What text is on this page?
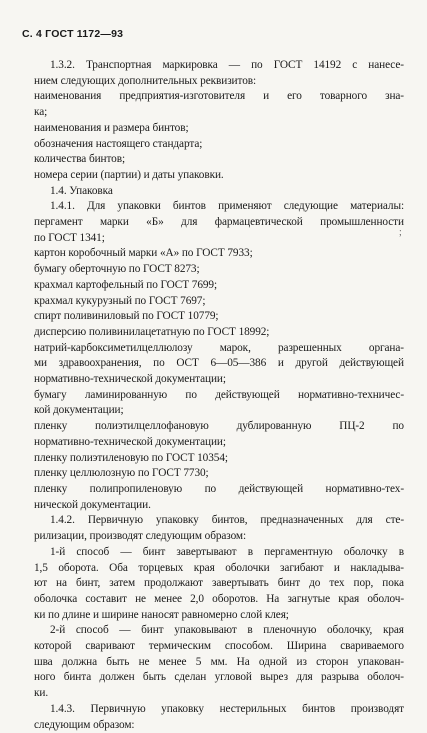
С. 4 ГОСТ 1172—93
1.3.2. Транспортная маркировка — по ГОСТ 14192 с нанесе-
нием следующих дополнительных реквизитов:
наименования предприятия-изготовителя и его товарного зна-
ка;
наименования и размера бинтов;
обозначения настоящего стандарта;
количества бинтов;
номера серии (партии) и даты упаковки.
1.4. Упаковка
1.4.1. Для упаковки бинтов применяют следующие материалы:
пергамент марки «Б» для фармацевтической промышленности
по ГОСТ 1341;
картон коробочный марки «А» по ГОСТ 7933;
бумагу оберточную по ГОСТ 8273;
крахмал картофельный по ГОСТ 7699;
крахмал кукурузный по ГОСТ 7697;
спирт поливиниловый по ГОСТ 10779;
дисперсию поливинилацетатную по ГОСТ 18992;
натрий-карбоксиметилцеллюлозу марок, разрешенных органа-
ми здравоохранения, по ОСТ 6—05—386 и другой действующей
нормативно-технической документации;
бумагу ламинированную по действующей нормативно-техничес-
кой документации;
пленку полиэтилцеллофановую дублированную ПЦ-2 по
нормативно-технической документации;
пленку полиэтиленовую по ГОСТ 10354;
пленку целлюлозную по ГОСТ 7730;
пленку полипропиленовую по действующей нормативно-тех-
нической документации.
1.4.2. Первичную упаковку бинтов, предназначенных для сте-
рилизации, производят следующим образом:
1-й способ — бинт завертывают в пергаментную оболочку в
1,5 оборота. Оба торцевых края оболочки загибают и накладыва-
ют на бинт, затем продолжают завертывать бинт до тех пор, пока
оболочка составит не менее 2,0 оборотов. На загнутые края оболоч-
ки по длине и ширине наносят равномерно слой клея;
2-й способ — бинт упаковывают в пленочную оболочку, края
которой сваривают термическим способом. Ширина свариваемого
шва должна быть не менее 5 мм. На одной из сторон упакован-
ного бинта должен быть сделан угловой вырез для разрыва оболоч-
ки.
1.4.3. Первичную упаковку нестерильных бинтов производят
следующим образом:
;
